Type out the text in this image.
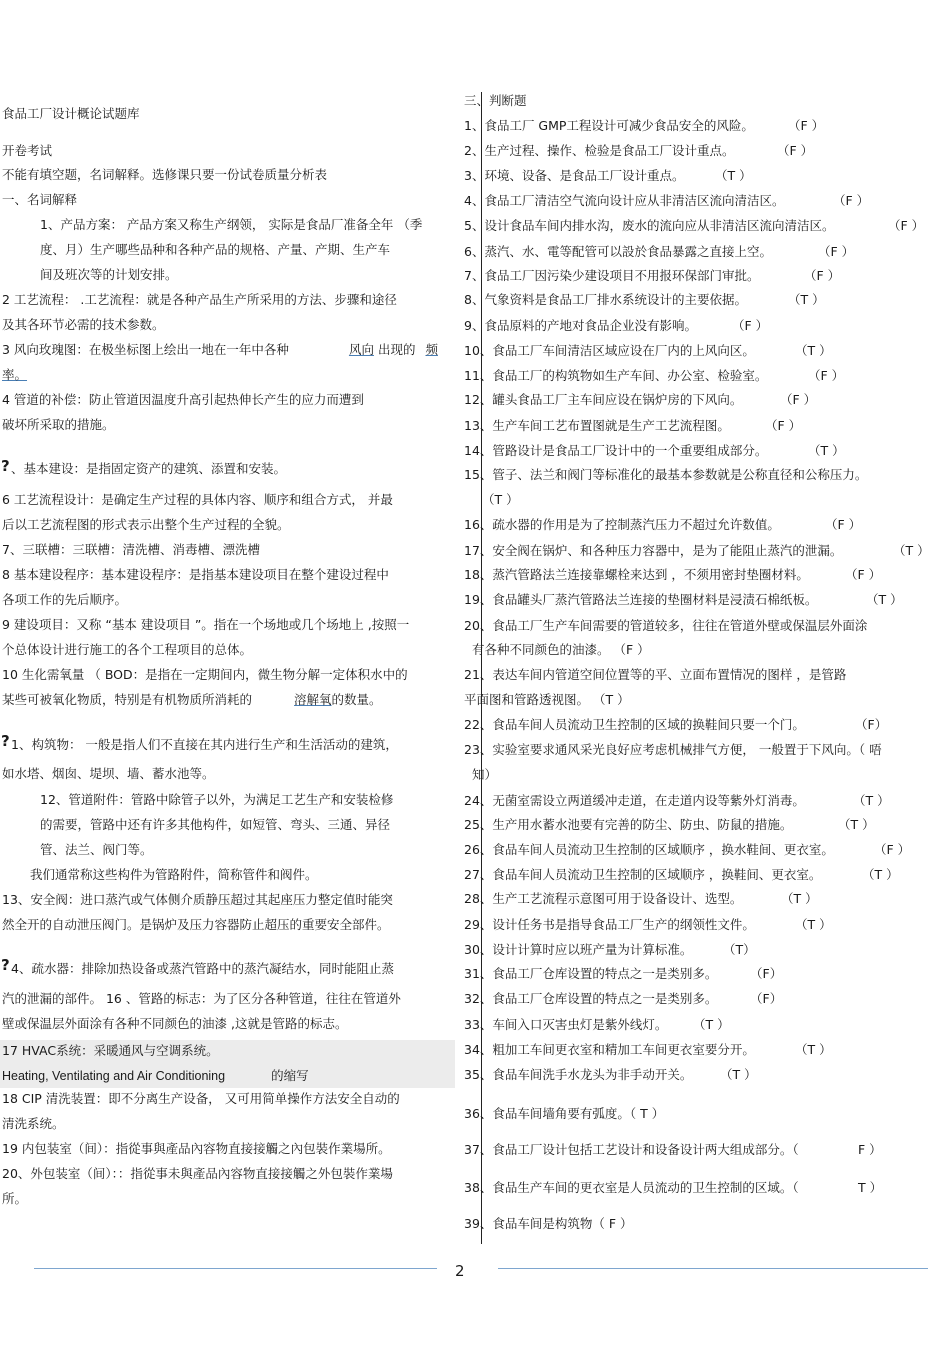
食品工厂设计概论试题库
开卷考试
不能有填空题，名词解释。选修课只要一份试卷质量分析表
一、名词解释
1、产品方案： 产品方案又称生产纲领， 实际是食品厂准备全年 （季
度、月）生产哪些品种和各种产品的规格、产量、产期、生产车
间及班次等的计划安排。
2 工艺流程： .工艺流程：就是各种产品生产所采用的方法、步骤和途径
及其各环节必需的技术参数。
3 风向玫瑰图：在极坐标图上绘出一地在一年中各种	风向 出现的 频
率。
4 管道的补偿：防止管道因温度升高引起热伸长产生的应力而遭到
破坏所采取的措施。
? 、基本建设：是指固定资产的建筑、添置和安装。
6 工艺流程设计：是确定生产过程的具体内容、顺序和组合方式， 并最
后以工艺流程图的形式表示出整个生产过程的全貌。
7、三联槽：三联槽：清洗槽、消毒槽、漂洗槽
8 基本建设程序：基本建设程序：是指基本建设项目在整个建设过程中
各项工作的先后顺序。
9 建设项目：又称 “基本 建设项目 ”。指在一个场地或几个场地上 ,按照一
个总体设计进行施工的各个工程项目的总体。
10 生化需氧量 （ BOD：是指在一定期间内，微生物分解一定体积水中的
某些可被氧化物质，特别是有机物质所消耗的	溶解氧的数量。
? 1、构筑物： 一般是指人们不直接在其内进行生产和生活活动的建筑，
如水塔、烟囱、堤坝、墙、蓄水池等。
12、管道附件：管路中除管子以外，为满足工艺生产和安装检修
的需要，管路中还有许多其他构件，如短管、弯头、三通、异径
管、法兰、阀门等。
我们通常称这些构件为管路附件，简称管件和阀件。
13、安全阀：进口蒸汽或气体侧介质静压超过其起座压力整定值时能突
然全开的自动泄压阀门。是锅炉及压力容器防止超压的重要安全部件。
? 4、疏水器：排除加热设备或蒸汽管路中的蒸汽凝结水，同时能阻止蒸
汽的泄漏的部件。 16 、管路的标志：为了区分各种管道，往往在管道外
壁或保温层外面涂有各种不同颜色的油漆 ,这就是管路的标志。
17 HVAC系统：采暖通风与空调系统。
Heating, Ventilating and Air Conditioning	的缩写
18 CIP 清洗装置：即不分离生产设备， 又可用简单操作方法安全自动的
清洗系统。
19 内包装室（间）：指從事與產品內容物直接接觸之內包裝作業場所。
20、外包装室（间）：：指從事未與產品內容物直接接觸之外包裝作業場
所。
三、判断题
1、食品工厂 GMP工程设计可减少食品安全的风险。	（F ）
2、生产过程、操作、检验是食品工厂设计重点。	（F ）
3、环境、设备、是食品工厂设计重点。 （T ）
4、食品工厂清洁空气流向设计应从非清洁区流向清洁区。	（F ）
5、设计食品车间内排水沟，废水的流向应从非清洁区流向清洁区。	（F ）
6、蒸汽、水、電等配管可以設於食品暴露之直接上空。	（F ）
7、食品工厂因污染少建设项目不用报环保部门审批。	（F ）
8、气象资料是食品工厂排水系统设计的主要依据。	（T ）
9、食品原料的产地对食品企业没有影响。	（F ）
10、食品工厂车间清洁区域应设在厂内的上风向区。	（T ）
11、食品工厂的构筑物如生产车间、办公室、检验室。	（F ）
12、罐头食品工厂主车间应设在锅炉房的下风向。	（F ）
13、生产车间工艺布置图就是生产工艺流程图。	（F ）
14、管路设计是食品工厂设计中的一个重要组成部分。	（T ）
15、管子、法兰和阀门等标准化的最基本参数就是公称直径和公称压力。
（T ）
16、疏水器的作用是为了控制蒸汽压力不超过允许数值。	（F ）
17、安全阀在锅炉、和各种压力容器中，是为了能阻止蒸汽的泄漏。	（T ）
18、蒸汽管路法兰连接靠螺栓来达到 ，不须用密封垫圈材料。	（F ）
19、食品罐头厂蒸汽管路法兰连接的垫圈材料是浸渍石棉纸板。	（T ）
20、食品工厂生产车间需要的管道较多，往往在管道外壁或保温层外面涂
有各种不同颜色的油漆。 （F ）
21、表达车间内管道空间位置等的平、立面布置情况的图样 ，是管路
平面图和管路透视图。 （T ）
22、食品车间人员流动卫生控制的区域的换鞋间只要一个门。	（F）
23、实验室要求通风采光良好应考虑机械排气方便， 一般置于下风向。（ 唔
知）
24、无菌室需设立两道缓冲走道，在走道内设等紫外灯消毒。	（T ）
25、生产用水蓄水池要有完善的防尘、防虫、防鼠的措施。	（T ）
26、食品车间人员流动卫生控制的区域顺序 ，换水鞋间、更衣室。	（F ）
27、食品车间人员流动卫生控制的区域顺序 ，换鞋间、更衣室。	（T ）
28、生产工艺流程示意图可用于设备设计、选型。	（T ）
29、设计任务书是指导食品工厂生产的纲领性文件。	（T ）
30、设计计算时应以班产量为计算标准。 （T）
31、食品工厂仓库设置的特点之一是类别多。	（F）
32、食品工厂仓库设置的特点之一是类别多。	（F）
33、车间入口灭害虫灯是紫外线灯。 （T ）
34、粗加工车间更衣室和精加工车间更衣室要分开。	（T ）
35、食品车间洗手水龙头为非手动开关。 （T ）
36、食品车间墙角要有弧度。（ T ）
37、食品工厂设计包括工艺设计和设备设计两大组成部分。（	F ）
38、食品生产车间的更衣室是人员流动的卫生控制的区域。（	T ）
39、食品车间是构筑物（ F ）
2
